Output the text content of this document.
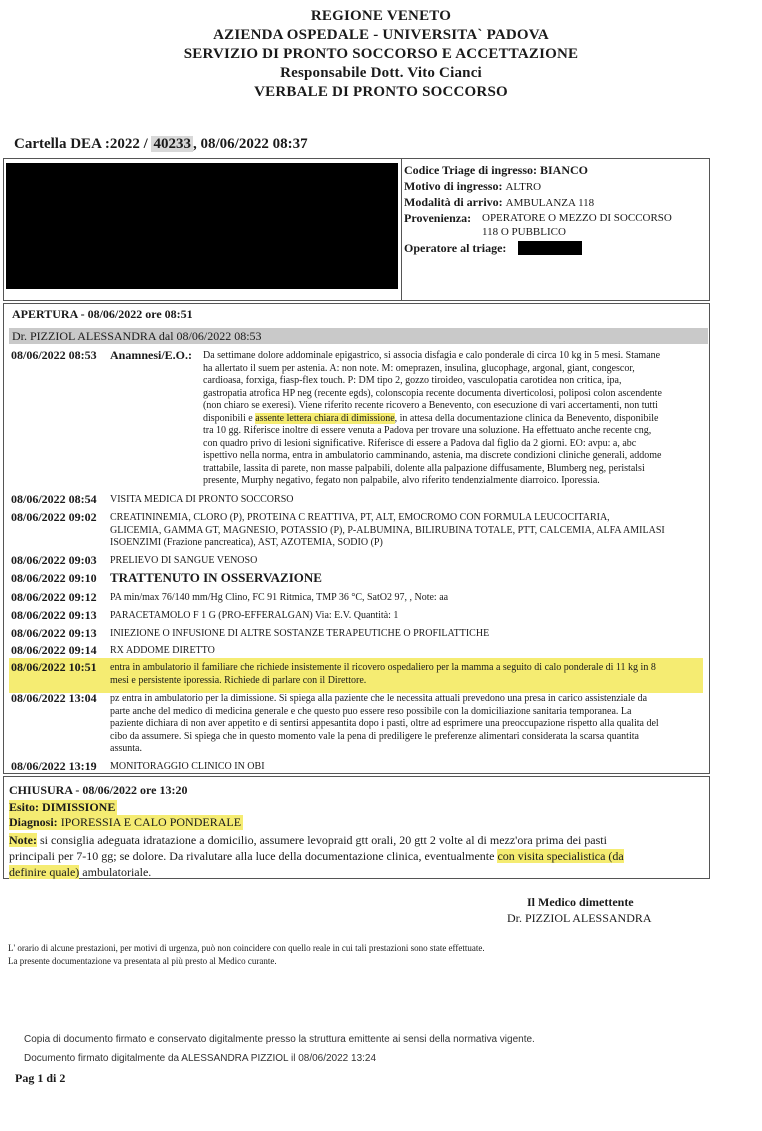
REGIONE VENETO
AZIENDA OSPEDALE - UNIVERSITA` PADOVA
SERVIZIO DI PRONTO SOCCORSO E ACCETTAZIONE
Responsabile Dott. Vito Cianci
VERBALE DI PRONTO SOCCORSO
Cartella DEA :2022 / 40233 , 08/06/2022 08:37
Codice Triage di ingresso: BIANCO
Motivo di ingresso: ALTRO
Modalità di arrivo: AMBULANZA 118
Provenienza: OPERATORE O MEZZO DI SOCCORSO
118 O PUBBLICO
Operatore al triage:
APERTURA - 08/06/2022 ore 08:51
Dr. PIZZIOL ALESSANDRA dal 08/06/2022 08:53
08/06/2022 08:53 Anamnesi/E.O.: Da settimane dolore addominale epigastrico, si associa disfagia e calo ponderale di circa 10 kg in 5 mesi. Stamane
ha allertato il suem per astenia. A: non note. M: omeprazen, insulina, glucophage, argonal, giant, congescor,
cardioasa, forxiga, fiasp-flex touch. P: DM tipo 2, gozzo tiroideo, vasculopatia carotidea non critica, ipa,
gastropatia atrofica HP neg (recente egds), colonscopia recente documenta diverticolosi, poliposi colon ascendente
(non chiaro se exeresi). Viene riferito recente ricovero a Benevento, con esecuzione di vari accertamenti, non tutti
disponibili e assente lettera chiara di dimissione, in attesa della documentazione clinica da Benevento, disponibile
tra 10 gg. Riferisce inoltre di essere venuta a Padova per trovare una soluzione. Ha effettuato anche recente cng,
con quadro privo di lesioni significative. Riferisce di essere a Padova dal figlio da 2 giorni. EO: avpu: a, abc
ispettivo nella norma, entra in ambulatorio camminando, astenia, ma discrete condizioni cliniche generali, addome
trattabile, lassita di parete, non masse palpabili, dolente alla palpazione diffusamente, Blumberg neg, peristalsi
presente, Murphy negativo, fegato non palpabile, alvo riferito tendenzialmente diarroico. Iporessia.
08/06/2022 08:54 VISITA MEDICA DI PRONTO SOCCORSO
08/06/2022 09:02 CREATININEMIA, CLORO (P), PROTEINA C REATTIVA, PT, ALT, EMOCROMO CON FORMULA LEUCOCITARIA,
GLICEMIA, GAMMA GT, MAGNESIO, POTASSIO (P), P-ALBUMINA, BILIRUBINA TOTALE, PTT, CALCEMIA, ALFA AMILASI
ISOENZIMI (Frazione pancreatica), AST, AZOTEMIA, SODIO (P)
08/06/2022 09:03 PRELIEVO DI SANGUE VENOSO
08/06/2022 09:10 TRATTENUTO IN OSSERVAZIONE
08/06/2022 09:12 PA min/max 76/140 mm/Hg Clino, FC 91 Ritmica, TMP 36 °C, SatO2 97, , Note: aa
08/06/2022 09:13 PARACETAMOLO F 1 G (PRO-EFFERALGAN) Via: E.V. Quantità: 1
08/06/2022 09:13 INIEZIONE O INFUSIONE DI ALTRE SOSTANZE TERAPEUTICHE O PROFILATTICHE
08/06/2022 09:14 RX ADDOME DIRETTO
08/06/2022 10:51 entra in ambulatorio il familiare che richiede insistemente il ricovero ospedaliero per la mamma a seguito di calo ponderale di 11 kg in 8
mesi e persistente iporessia. Richiede di parlare con il Direttore.
08/06/2022 13:04 pz entra in ambulatorio per la dimissione. Si spiega alla paziente che le necessita attuali prevedono una presa in carico assistenziale da
parte anche del medico di medicina generale e che questo puo essere reso possibile con la domiciliazione sanitaria temporanea. La
paziente dichiara di non aver appetito e di sentirsi appesantita dopo i pasti, oltre ad esprimere una preoccupazione rispetto alla qualita del
cibo da assumere. Si spiega che in questo momento vale la pena di prediligere le preferenze alimentari considerata la scarsa quantita
assunta.
08/06/2022 13:19 MONITORAGGIO CLINICO IN OBI
CHIUSURA - 08/06/2022 ore 13:20
Esito: DIMISSIONE
Diagnosi: IPORESSIA E CALO PONDERALE
Note: si consiglia adeguata idratazione a domicilio, assumere levopraid gtt orali, 20 gtt 2 volte al di mezz'ora prima dei pasti
principali per 7-10 gg; se dolore. Da rivalutare alla luce della documentazione clinica, eventualmente con visita specialistica (da
definire quale) ambulatoriale.
Il Medico dimettente
Dr. PIZZIOL ALESSANDRA
L' orario di alcune prestazioni, per motivi di urgenza, può non coincidere con quello reale in cui tali prestazioni sono state effettuate.
La presente documentazione va presentata al più presto al Medico curante.
Copia di documento firmato e conservato digitalmente presso la struttura emittente ai sensi della normativa vigente.
Documento firmato digitalmente da ALESSANDRA PIZZIOL il 08/06/2022 13:24
Pag 1 di 2
